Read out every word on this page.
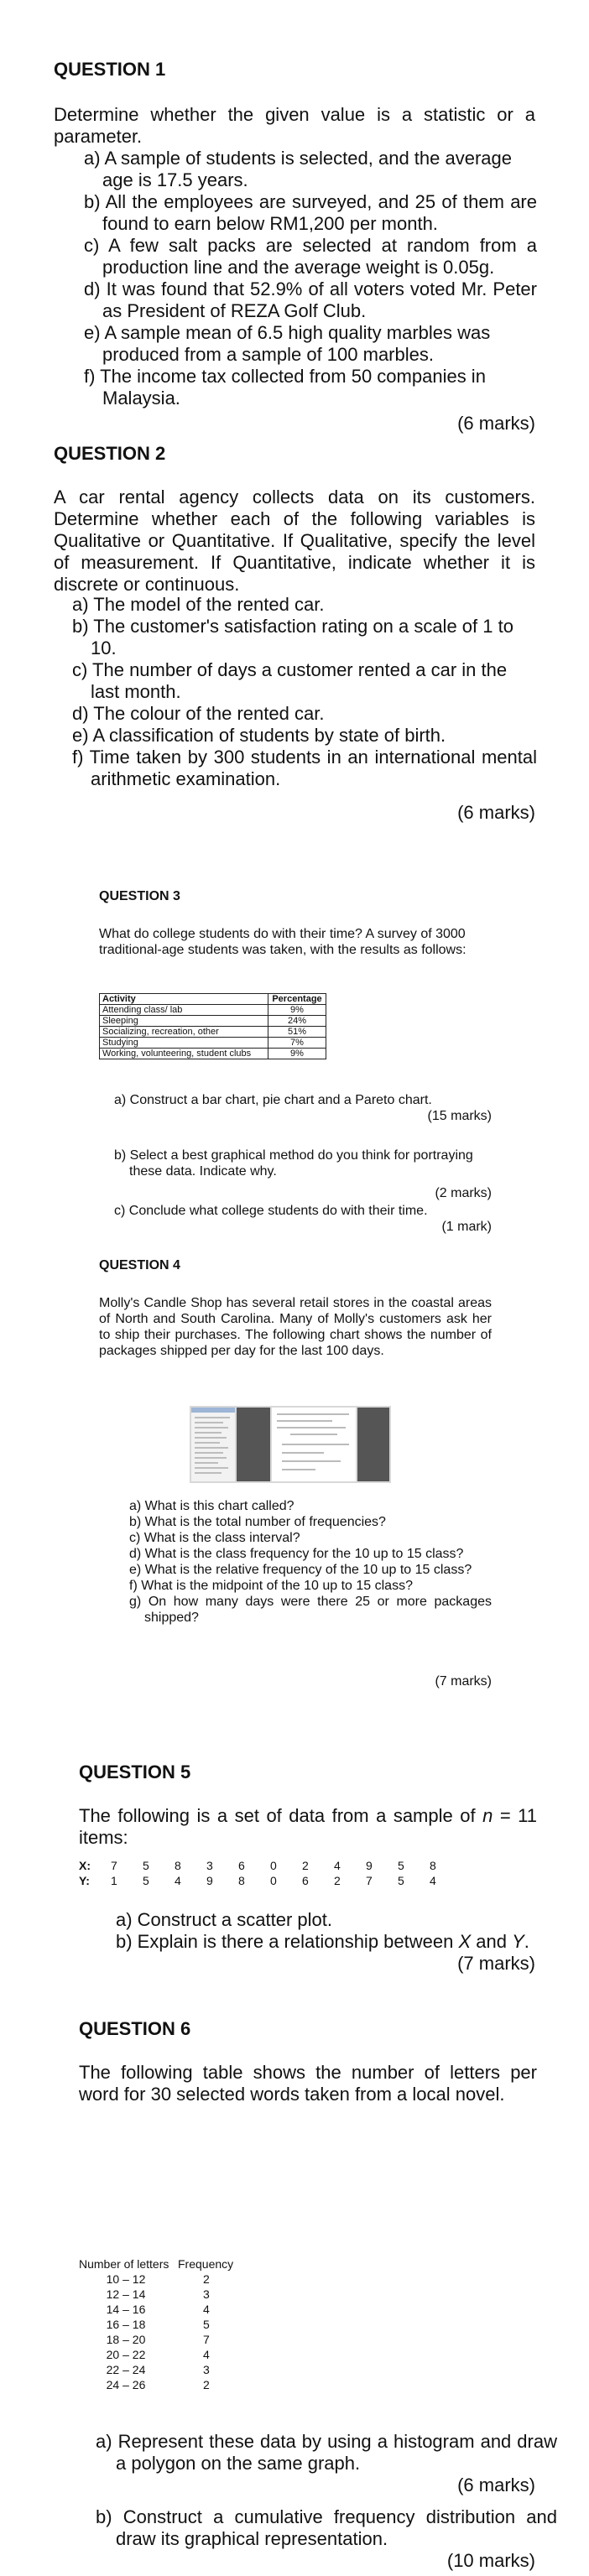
QUESTION 1
Determine whether the given value is a statistic or a parameter.
a) A sample of students is selected, and the average age is 17.5 years.
b) All the employees are surveyed, and 25 of them are found to earn below RM1,200 per month.
c) A few salt packs are selected at random from a production line and the average weight is 0.05g.
d) It was found that 52.9% of all voters voted Mr. Peter as President of REZA Golf Club.
e) A sample mean of 6.5 high quality marbles was produced from a sample of 100 marbles.
f) The income tax collected from 50 companies in Malaysia.
(6 marks)
QUESTION 2
A car rental agency collects data on its customers. Determine whether each of the following variables is Qualitative or Quantitative. If Qualitative, specify the level of measurement. If Quantitative, indicate whether it is discrete or continuous.
a) The model of the rented car.
b) The customer's satisfaction rating on a scale of 1 to 10.
c) The number of days a customer rented a car in the last month.
d) The colour of the rented car.
e) A classification of students by state of birth.
f) Time taken by 300 students in an international mental arithmetic examination.
(6 marks)
QUESTION 3
What do college students do with their time? A survey of 3000 traditional-age students was taken, with the results as follows:
Activity	Percentage
Attending class/ lab	9%
Sleeping	24%
Socializing, recreation, other	51%
Studying	7%
Working, volunteering, student clubs	9%
a) Construct a bar chart, pie chart and a Pareto chart.
(15 marks)
b) Select a best graphical method do you think for portraying these data. Indicate why.
(2 marks)
c) Conclude what college students do with their time.
(1 mark)
QUESTION 4
Molly's Candle Shop has several retail stores in the coastal areas of North and South Carolina. Many of Molly's customers ask her to ship their purchases. The following chart shows the number of packages shipped per day for the last 100 days.
a) What is this chart called?
b) What is the total number of frequencies?
c) What is the class interval?
d) What is the class frequency for the 10 up to 15 class?
e) What is the relative frequency of the 10 up to 15 class?
f) What is the midpoint of the 10 up to 15 class?
g) On how many days were there 25 or more packages shipped?
(7 marks)
QUESTION 5
The following is a set of data from a sample of n = 11 items:
X:	7	5	8	3	6	0	2	4	9	5	8
Y:	1	5	4	9	8	0	6	2	7	5	4
a) Construct a scatter plot.
b) Explain is there a relationship between X and Y.
(7 marks)
QUESTION 6
The following table shows the number of letters per word for 30 selected words taken from a local novel.
Number of letters Frequency
10 – 12	2
12 – 14	3
14 – 16	4
16 – 18	5
18 – 20	7
20 – 22	4
22 – 24	3
24 – 26	2
a) Represent these data by using a histogram and draw a polygon on the same graph.
(6 marks)
b) Construct a cumulative frequency distribution and draw its graphical representation.
(10 marks)
